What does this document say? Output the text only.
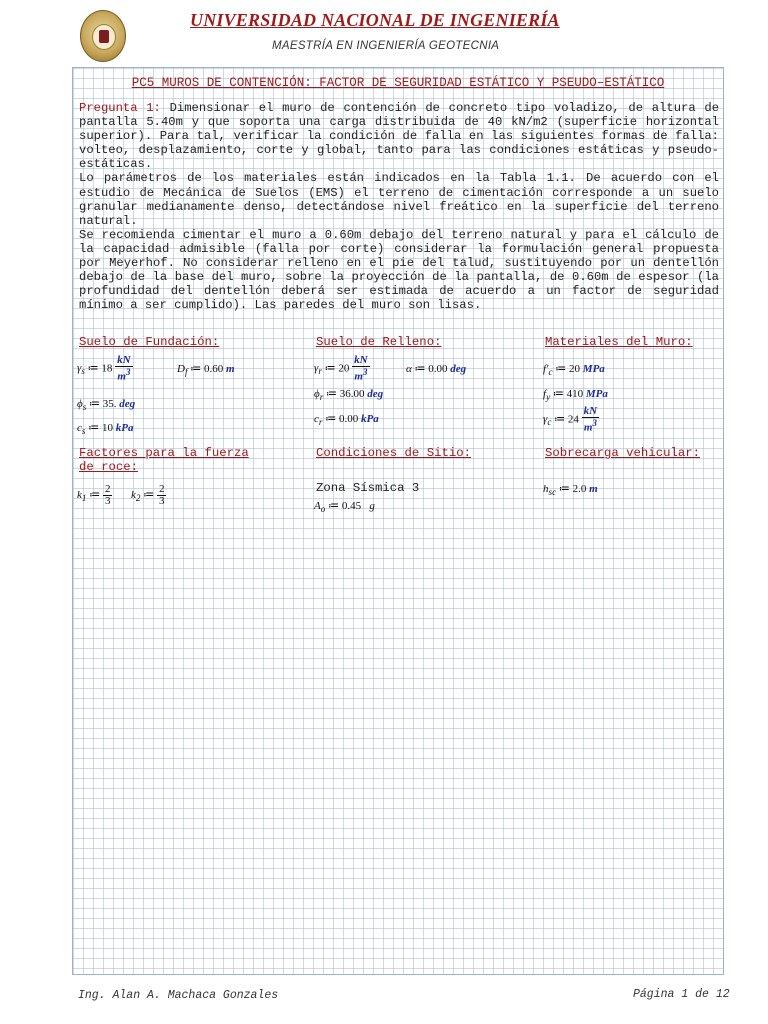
UNIVERSIDAD NACIONAL DE INGENIERÍA
MAESTRÍA EN INGENIERÍA GEOTECNIA
PC5 MUROS DE CONTENCIÓN: FACTOR DE SEGURIDAD ESTÁTICO Y PSEUDO–ESTÁTICO

Pregunta 1: Dimensionar el muro de contención de concreto tipo voladizo, de altura de pantalla 5.40m y que soporta una carga distribuida de 40 kN/m2 (superficie horizontal superior). Para tal, verificar la condición de falla en las siguientes formas de falla: volteo, desplazamiento, corte y global, tanto para las condiciones estáticas y pseudo-estáticas.

Lo parámetros de los materiales están indicados en la Tabla 1.1. De acuerdo con el estudio de Mecánica de Suelos (EMS) el terreno de cimentación corresponde a un suelo granular medianamente denso, detectándose nivel freático en la superficie del terreno natural.

Se recomienda cimentar el muro a 0.60m debajo del terreno natural y para el cálculo de la capacidad admisible (falla por corte) considerar la formulación general propuesta por Meyerhof. No considerar relleno en el pie del talud, sustituyendo por un dentellón debajo de la base del muro, sobre la proyección de la pantalla, de 0.60m de espesor (la profundidad del dentellón deberá ser estimada de acuerdo a un factor de seguridad mínimo a ser cumplido). Las paredes del muro son lisas.

Suelo de Fundación:
$\gamma_s$ ≔ $18 \frac{kN}{m^3}$	$D_f$ ≔ 0.60 m
$\phi_s$ ≔ 35. deg
$c_s$ ≔ 10 kPa
Suelo de Relleno:
$\gamma_r$ ≔ $20 \frac{kN}{m^3}$	α ≔ 0.00 deg
$\phi_r$ ≔ 36.00 deg
$c_r$ ≔ 0.00 kPa
Materiales del Muro:
$f'_c$ ≔ 20 MPa
$f_y$ ≔ 410 MPa
$\gamma_c$ ≔ $24 \frac{kN}{m^3}$
Factores para la fuerza de roce:
$k_1$ ≔ $\frac{2}{3} k_2$ ≔ $\frac{2}{3}$
Condiciones de Sitio:
Zona Sísmica 3
$A_o$ ≔ 0.45 g
Sobrecarga vehicular:
$h_{sc}$ ≔ 2.0 m
Ing. Alan A. Machaca Gonzales	Página 1 de 12
